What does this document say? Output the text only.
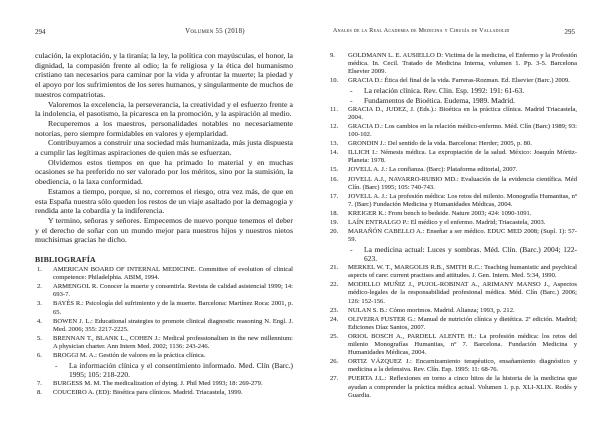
294	Volumen 55 (2018)

culación, la explotación, y la tiranía; la ley, la política con mayúsculas, el honor, la dignidad, la compasión frente al odio; la fe religiosa y la ética del humanismo cristiano tan necesarios para caminar por la vida y afrontar la muerte; la piedad y el apoyo por los sufrimientos de los seres humanos, y singularmente de muchos de nuestros compatriotas.

Valoremos la excelencia, la perseverancia, la creatividad y el esfuerzo frente a la indolencia, el pasotismo, la picaresca en la promoción, y la aspiración al medio.

Recuperemos a los maestros, personalidades notables no necesariamente notorias, pero siempre formidables en valores y ejemplaridad.

Contribuyamos a construir una sociedad más humanizada, más justa dispuesta a cumplir las legítimas aspiraciones de quien más se esfuerzan.

Olvidemos estos tiempos en que ha primado lo material y en muchas ocasiones se ha preferido no ser valorado por los méritos, sino por la sumisión, la obediencia, o la laxa conformidad.

Estamos a tiempo, porque, si no, corremos el riesgo, otra vez más, de que en esta España nuestra sólo queden los restos de un viaje asaltado por la demagogia y rendida ante la cobardía y la indiferencia.

Y termino, señoras y señores. Empecemos de nuevo porque tenemos el deber y el derecho de soñar con un mundo mejor para nuestros hijos y nuestros nietos muchísimas gracias he dicho.

BIBLIOGRAFÍA
1. AMERICAN BOARD OF INTERNAL MEDICINE. Committee of evolution of clinical competence: Philadelphia. ABIM, 1994.
2. ARMENGOL R. Conocer la muerte y consentirla. Revista de calidad asistencial 1999; 14: 693-7.
3. BAYÉS R.: Psicología del sufrimiento y de la muerte. Barcelona: Martínez Roca: 2001, p. 65.
4. BOWEN J. L.: Educational strategies to promote clinical diagnostic reasoning N. Engl. J. Med. 2006; 355: 2217-2225.
5. BRENNAN T., BLANK L., COHEN J.: Medical professionalism in the new millennium: A physician charter. Ann Intern Med. 2002; 1136: 243-246.
6. BROGGI M. A.: Gestión de valores en la práctica clínica.
- La información clínica y el consentimiento informado. Med. Clín (Barc.) 1995; 105: 218-220.
7. BURGESS M. M. The medicalization of dying. J. Phil Med 1993; 18: 269-279.
8. COUCEIRO A. (ED): Bioética para clínicos. Madrid. Triacastela, 1999.
Anales de la Real Academia de Medicina y Cirugía de Valladolid	295
9. GOLDMANN L. E. AUSIELLO D: Victima de la medicina, el Enfermo y la Profesión médica. In. Cecil. Tratado de Medicina Interna, volumen 1. Pp. 3-5. Barcelona Elsevier 2009.
10. GRACIA D.: Ética del final de la vida. Farreras-Rozman. Ed. Elsevier (Barc.) 2009.
- La relación clínica. Rev. Clin. Esp. 1992: 191: 61-63.
- Fundamentos de Bioética. Eudema, 1989. Madrid.
11. GRACIA D., JUDEZ, J. (Eds.).: Bioética en la práctica clínica. Madrid Triacastela, 2004.
12. GRACIA D.: Los cambios en la relación médico-enfermo. Méd. Clín (Barc) 1989; 93: 100-102.
13. GRONDIN J.: Del sentido de la vida. Barcelona: Herder; 2005, p. 80.
14. ILLICH I.: Némesis médica. La expropiación de la salud. México: Joaquín Mórtiz-Planeta: 1978.
15. JOVELL A. J.: La confianza. (Barc): Plataforma editorial, 2007.
16. JOVELL A.J., NAVARRO-RUBIO MD.: Evaluación de la evidencia científica. Méd Clín. (Barc) 1995; 105: 740-743.
17. JOVELL A. J.: La profesión médica: Los retos del milenio. Monografía Humanitas, nº 7. (Barc) Fundación Medicina y Humanidades Médicas, 2004.
18. KREIGER K.: From bench to bedside. Nature 2003; 424: 1090-1091.
19. LAÍN ENTRALGO P.: El médico y el enfermo. Madrid; Triacastela, 2003.
20. MARAÑÓN CABELLO A.: Enseñar a ser médico. EDUC MED 2008; (Supl. 1): 57-59.
- La medicina actual: Luces y sombras. Méd. Clín. (Barc.) 2004; 122-623.
21. MERKEL W. T., MARGOLIS R.B., SMITH R.C.: Teaching humanistic and psychical aspects of care: current practises and attitudes. J. Gen. Intern. Med. 5:34, 1990.
22. MODELLO MUÑIZ J., PUJOL-ROBINAT A., ARIMANY MANSO J., Aspectos médico-legales de la responsabilidad profesional médica. Méd. Clín (Barc.) 2006; 126: 152-156.
23. NULAN S. B.: Cómo morimos. Madrid. Alianza; 1993, p. 212.
24. OLIVEIRA FUSTER G.: Manual de nutrición clínica y dietética. 2ª edición. Madrid; Ediciones Díaz Santos, 2007.
25. ORIOL BOSCH A., PARDELL ALENTE H.: La profesión médica: los retos del milenio Monografías Humanitas, nº 7. Barcelona. Fundación Medicina y Humanidades Médicas, 2004.
26. ORTIZ VÁZQUEZ J.: Encarnizamiento terapéutico, ensañamiento diagnóstico y medicina a la defensiva. Rev. Clín. Esp. 1995: 11: 68-76.
27. PUERTA J.L.: Reflexiones en torno a cinco hitos de la historia de la medicina que ayudan a comprender la práctica médica actual. Volumen 1. p.p. XLI-XLIX. Rodés y Guardia.
